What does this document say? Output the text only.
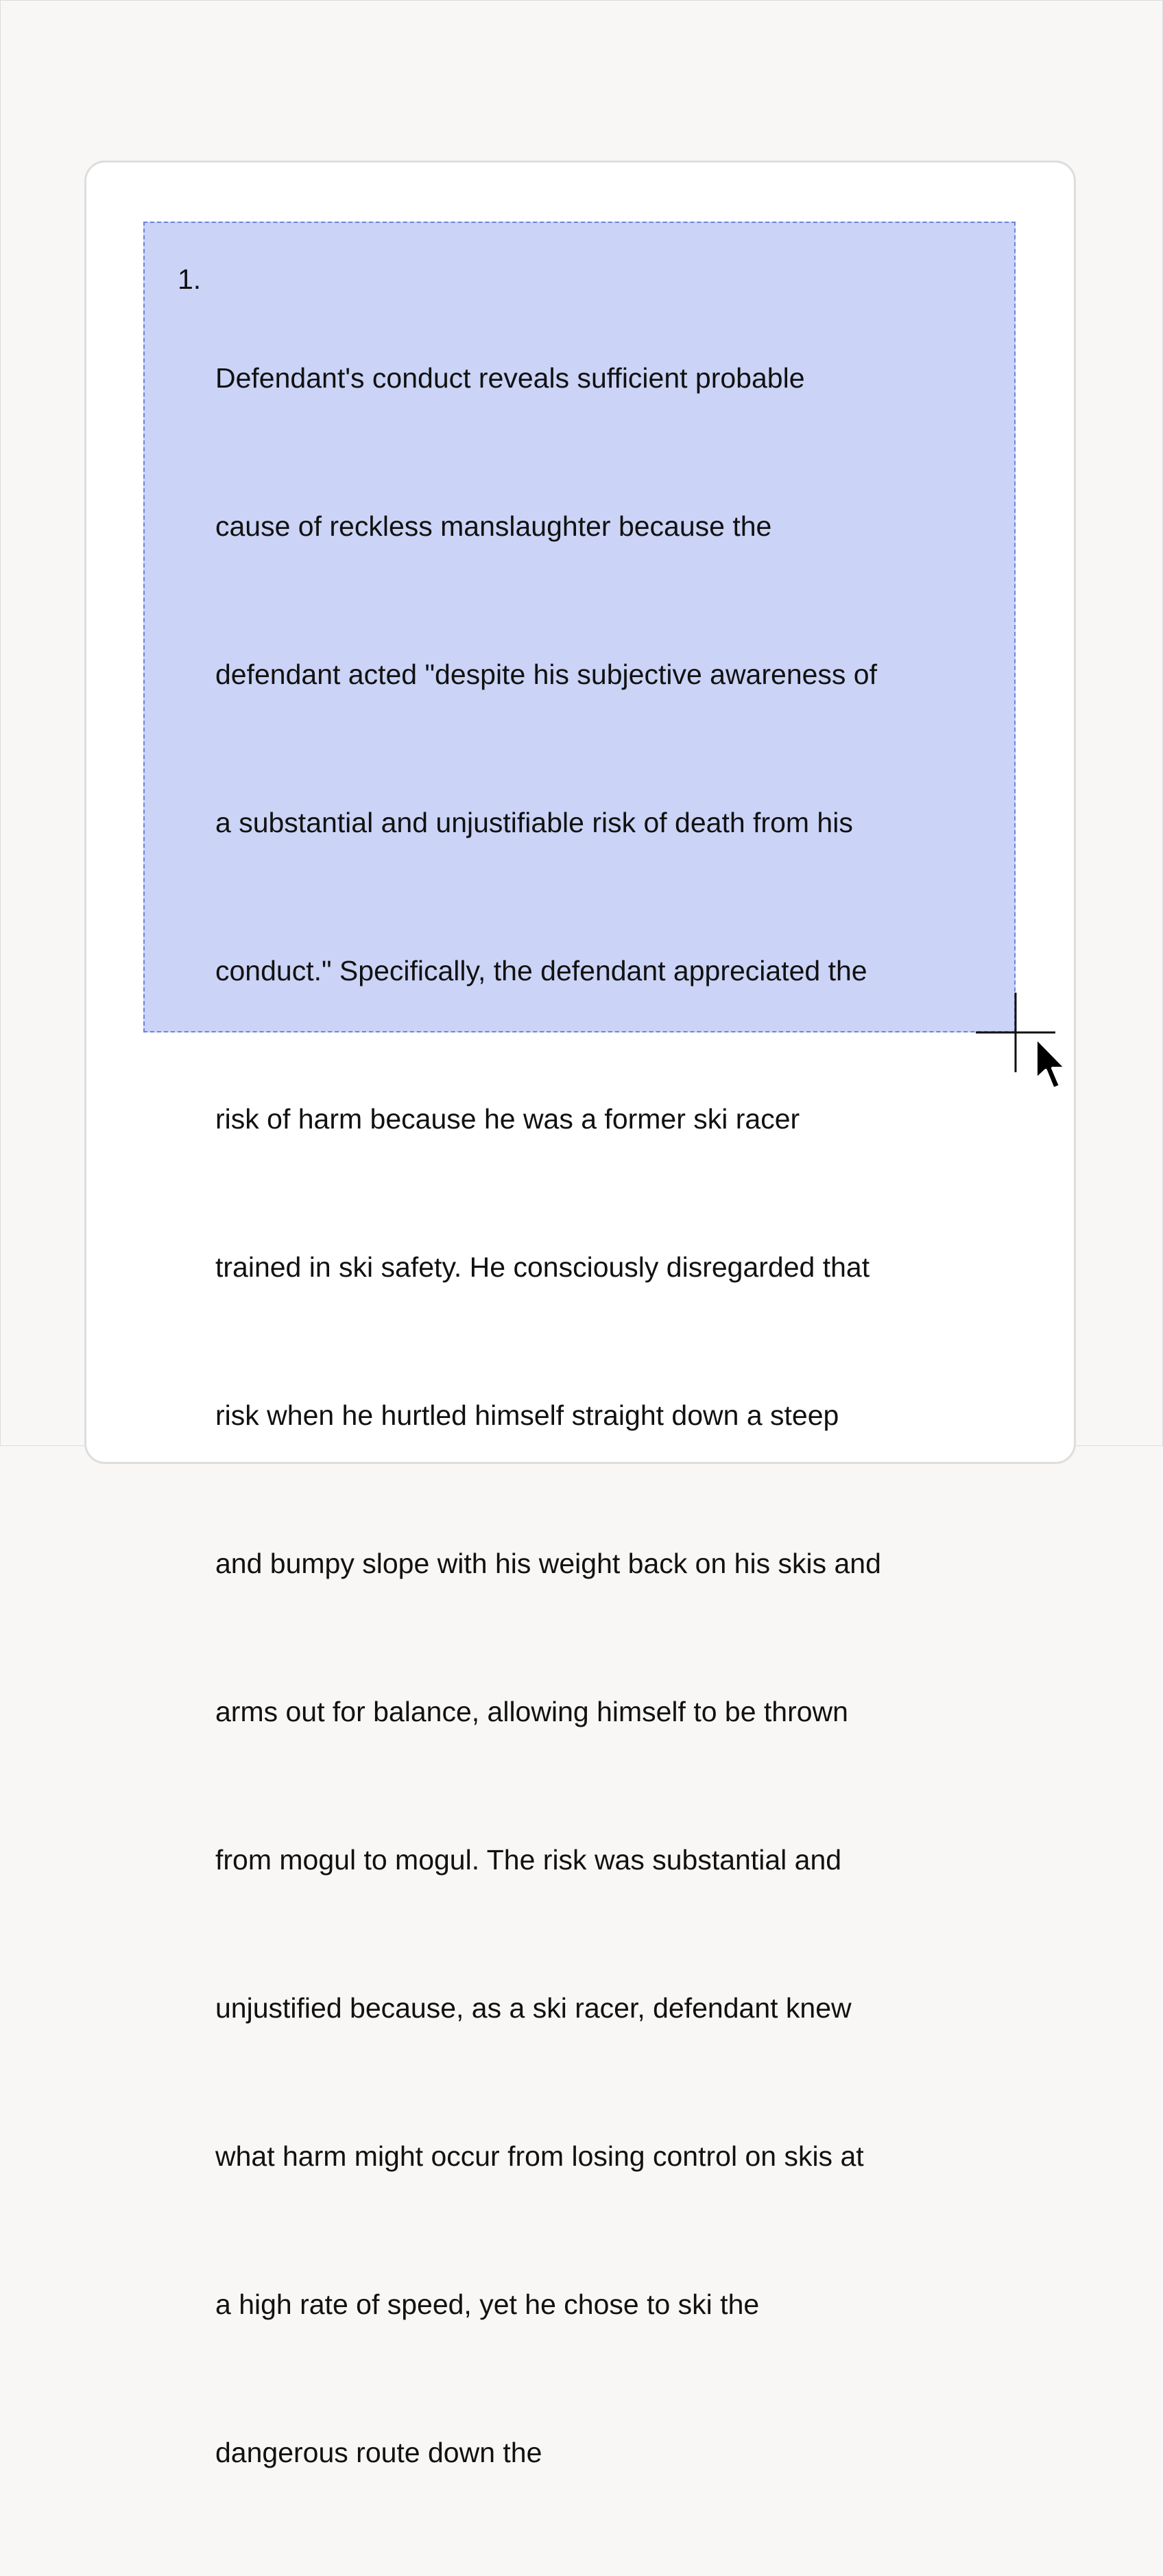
1.

Defendant's conduct reveals sufficient probable

cause of reckless manslaughter because the

defendant acted "despite his subjective awareness of

a substantial and unjustifiable risk of death from his

conduct." Specifically, the defendant appreciated the

risk of harm because he was a former ski racer

trained in ski safety. He consciously disregarded that

risk when he hurtled himself straight down a steep

and bumpy slope with his weight back on his skis and

arms out for balance, allowing himself to be thrown

from mogul to mogul. The risk was substantial and

unjustified because, as a ski racer, defendant knew

what harm might occur from losing control on skis at

a high rate of speed, yet he chose to ski the

dangerous route down the
